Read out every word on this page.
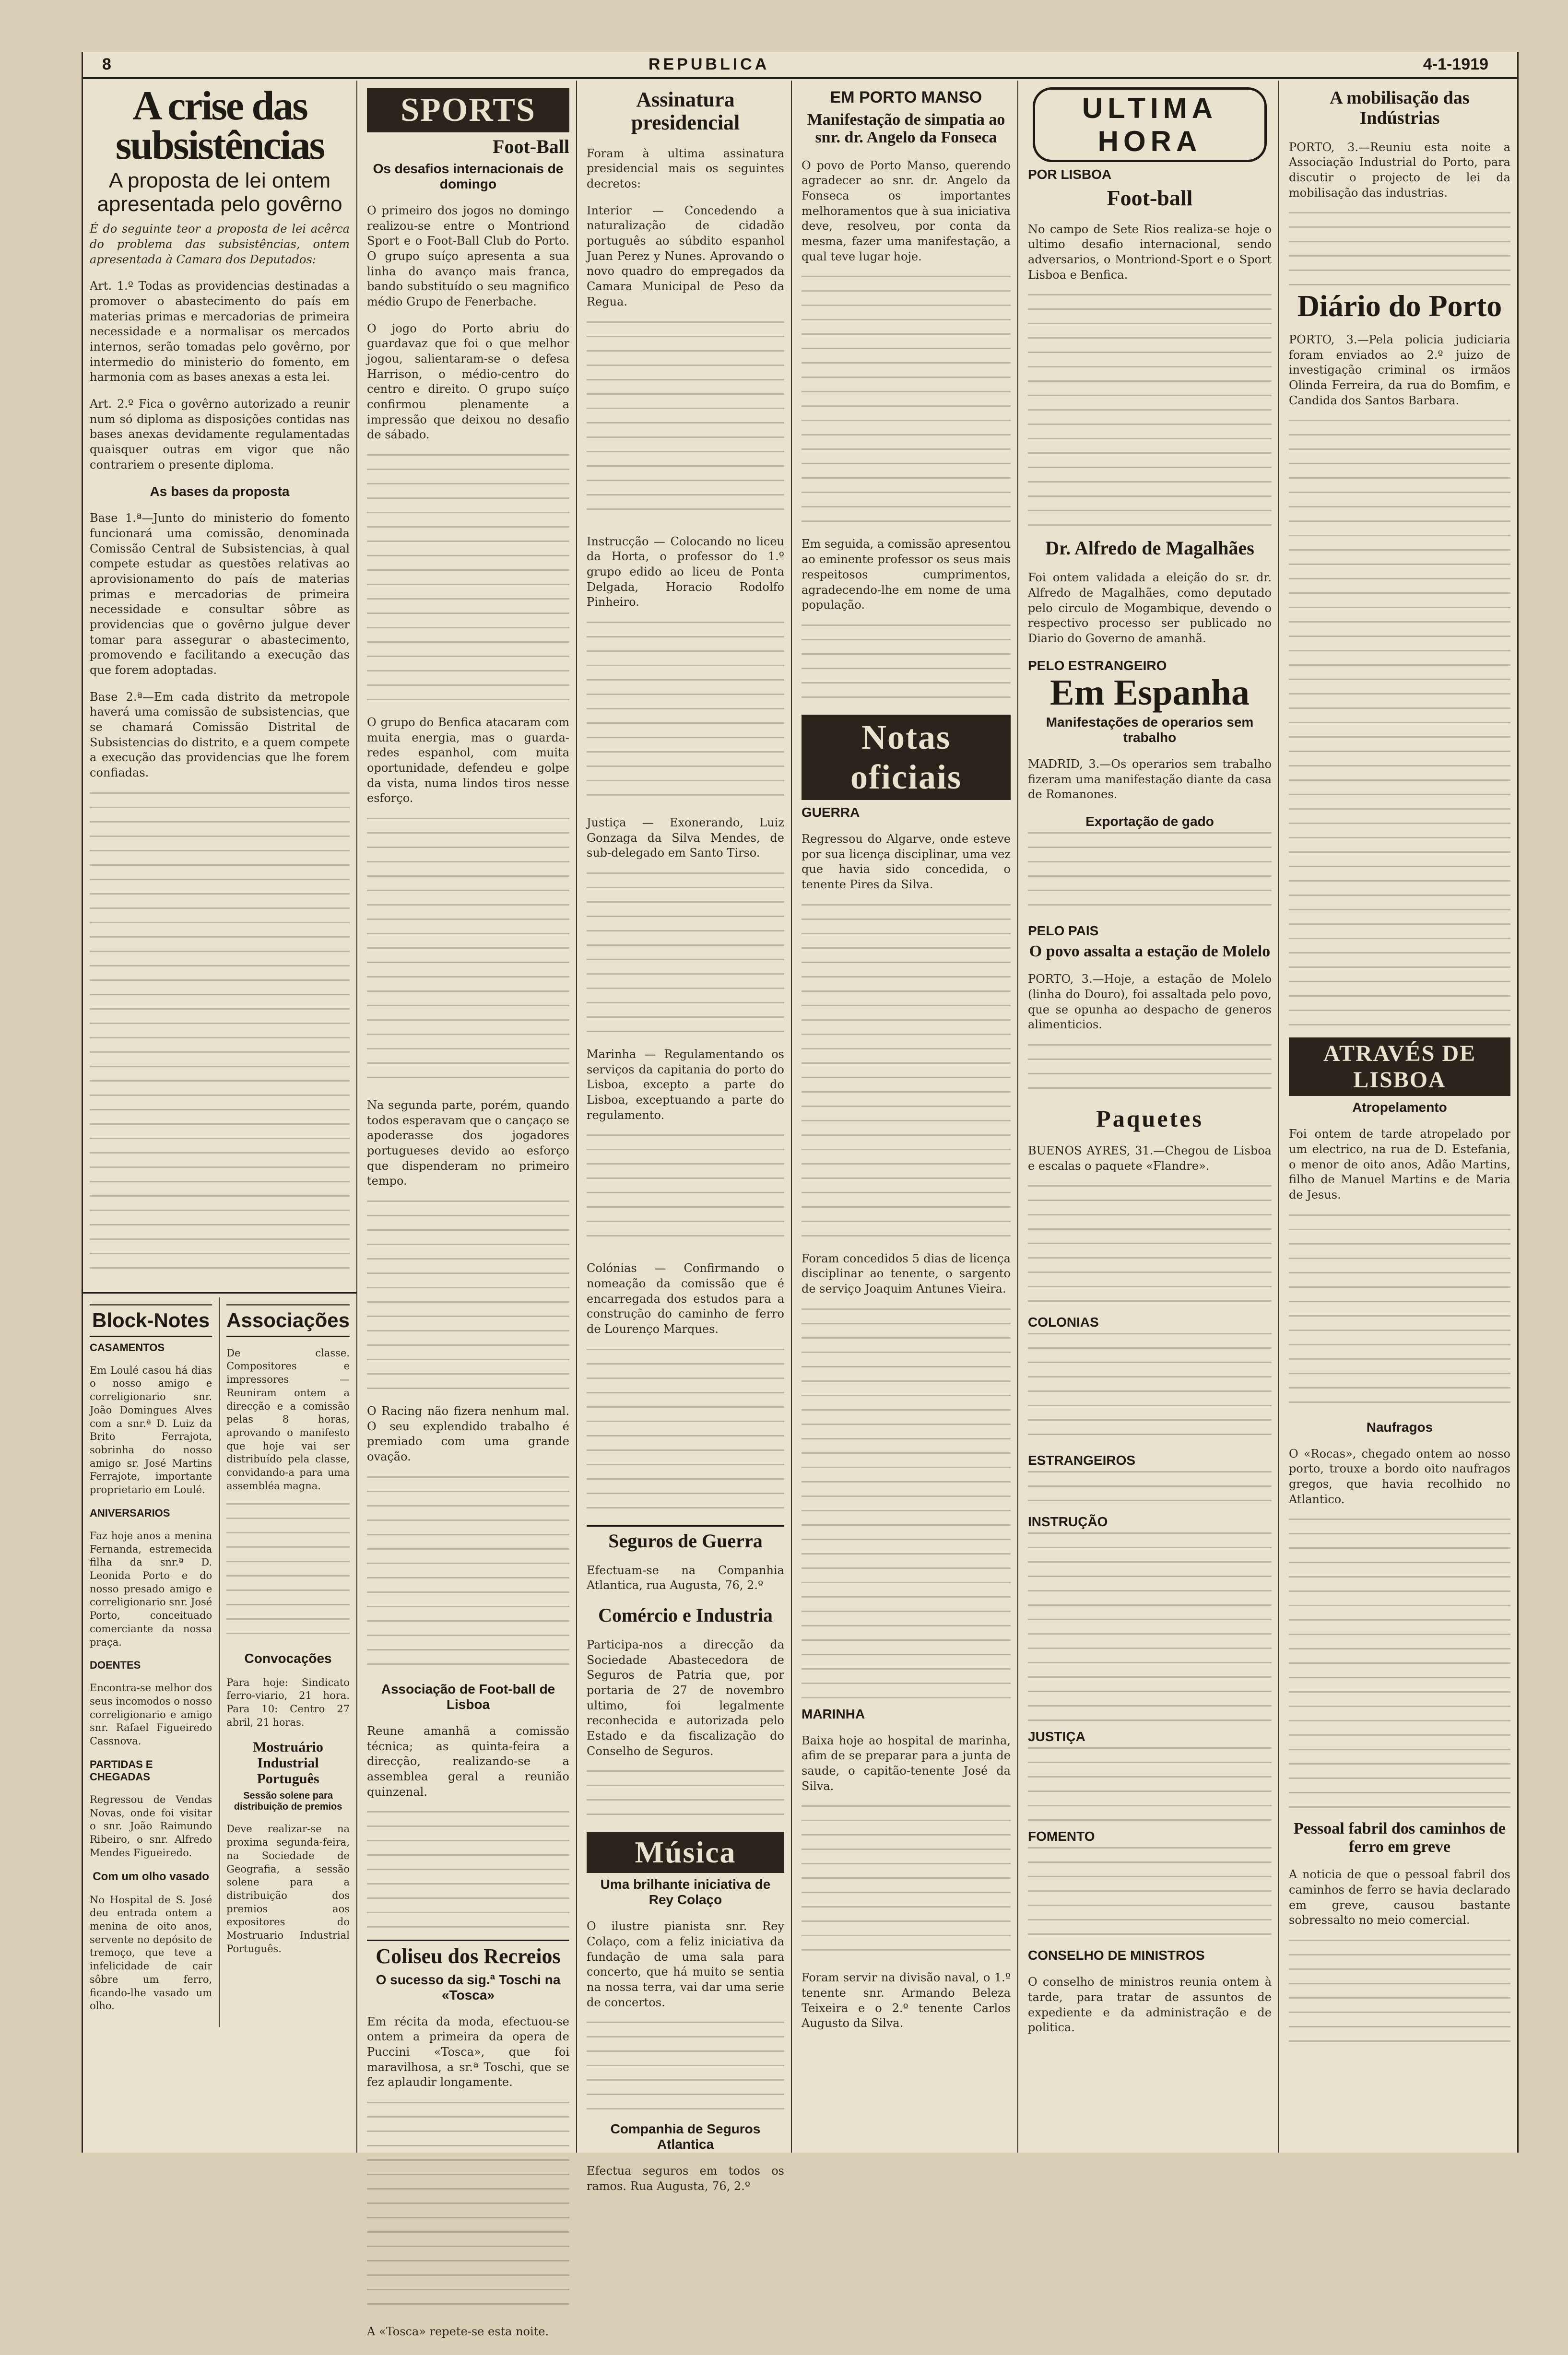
8	REPUBLICA	4-1-1919
A crise das subsistências
A proposta de lei ontem apresentada pelo govêrno
É do seguinte teor a proposta de lei acêrca do problema das subsistências, ontem apresentada à Camara dos Deputados:

Art. 1.º Todas as providencias destinadas a promover o abastecimento do país em materias primas e mercadorias de primeira necessidade e a normalisar os mercados internos, serão tomadas pelo govêrno, por intermedio do ministerio do fomento, em harmonia com as bases anexas a esta lei.

Art. 2.º Fica o govêrno autorizado a reunir num só diploma as disposições contidas nas bases anexas devidamente regulamentadas quaisquer outras em vigor que não contrariem o presente diploma.

As bases da proposta

Base 1.ª—Junto do ministerio do fomento funcionará uma comissão, denominada Comissão Central de Subsistencias, à qual compete estudar as questões relativas ao aprovisionamento do país de materias primas e mercadorias de primeira necessidade e consultar sôbre as providencias que o govêrno julgue dever tomar para assegurar o abastecimento, promovendo e facilitando a execução das que forem adoptadas.

Base 2.ª—Em cada distrito da metropole haverá uma comissão de subsistencias, que se chamará Comissão Distrital de Subsistencias do distrito, e a quem compete a execução das providencias que lhe forem confiadas.

Block-Notes
CASAMENTOS

Em Loulé casou há dias o nosso amigo e correligionario snr. João Domingues Alves com a snr.ª D. Luiz da Brito Ferrajota, sobrinha do nosso amigo sr. José Martins Ferrajote, importante proprietario em Loulé.

ANIVERSARIOS

Faz hoje anos a menina Fernanda, estremecida filha da snr.ª D. Leonida Porto e do nosso presado amigo e correligionario snr. José Porto, conceituado comerciante da nossa praça.

DOENTES

Encontra-se melhor dos seus incomodos o nosso correligionario e amigo snr. Rafael Figueiredo Cassnova.

PARTIDAS E CHEGADAS

Regressou de Vendas Novas, onde foi visitar o snr. João Raimundo Ribeiro, o snr. Alfredo Mendes Figueiredo.

Com um olho vasado

No Hospital de S. José deu entrada ontem a menina de oito anos, servente no depósito de tremoço, que teve a infelicidade de cair sôbre um ferro, ficando-lhe vasado um olho.

Associações

De classe. Compositores e impressores — Reuniram ontem a direcção e a comissão pelas 8 horas, aprovando o manifesto que hoje vai ser distribuído pela classe, convidando-a para uma assembléa magna.

Convocações

Para hoje: Sindicato ferro-viario, 21 hora. Para 10: Centro 27 abril, 21 horas.

Mostruário Industrial Português
Sessão solene para distribuição de premios

Deve realizar-se na proxima segunda-feira, na Sociedade de Geografia, a sessão solene para a distribuição dos premios aos expositores do Mostruario Industrial Português.

SPORTS
Foot-Ball
Os desafios internacionais de domingo

O primeiro dos jogos no domingo realizou-se entre o Montriond Sport e o Foot-Ball Club do Porto. O grupo suíço apresenta a sua linha do avanço mais franca, bando substituído o seu magnifico médio Grupo de Fenerbache.

O jogo do Porto abriu do guardavaz que foi o que melhor jogou, salientaram-se o defesa Harrison, o médio-centro do centro e direito. O grupo suíço confirmou plenamente a impressão que deixou no desafio de sábado.

O grupo do Benfica atacaram com muita energia, mas o guarda-redes espanhol, com muita oportunidade, defendeu e golpe da vista, numa lindos tiros nesse esforço.

Na segunda parte, porém, quando todos esperavam que o cançaço se apoderasse dos jogadores portugueses devido ao esforço que dispenderam no primeiro tempo.

O Racing não fizera nenhum mal. O seu explendido trabalho é premiado com uma grande ovação.

Associação de Foot-ball de Lisboa

Reune amanhã a comissão técnica; as quinta-feira a direcção, realizando-se a assemblea geral a reunião quinzenal.

Coliseu dos Recreios
O sucesso da sig.ª Toschi na «Tosca»

Em récita da moda, efectuou-se ontem a primeira da opera de Puccini «Tosca», que foi maravilhosa, a sr.ª Toschi, que se fez aplaudir longamente.

A «Tosca» repete-se esta noite.

Assinatura presidencial

Foram à ultima assinatura presidencial mais os seguintes decretos:

Interior — Concedendo a naturalização de cidadão português ao súbdito espanhol Juan Perez y Nunes. Aprovando o novo quadro do empregados da Camara Municipal de Peso da Regua.

Instrucção — Colocando no liceu da Horta, o professor do 1.º grupo edido ao liceu de Ponta Delgada, Horacio Rodolfo Pinheiro.

Justiça — Exonerando, Luiz Gonzaga da Silva Mendes, de sub-delegado em Santo Tirso.

Marinha — Regulamentando os serviços da capitania do porto do Lisboa, excepto a parte do Lisboa, exceptuando a parte do regulamento.

Colónias — Confirmando o nomeação da comissão que é encarregada dos estudos para a construção do caminho de ferro de Lourenço Marques.

Seguros de Guerra

Efectuam-se na Companhia Atlantica, rua Augusta, 76, 2.º

Comércio e Industria

Participa-nos a direcção da Sociedade Abastecedora de Seguros de Patria que, por portaria de 27 de novembro ultimo, foi legalmente reconhecida e autorizada pelo Estado e da fiscalização do Conselho de Seguros.

Música
Uma brilhante iniciativa de Rey Colaço

O ilustre pianista snr. Rey Colaço, com a feliz iniciativa da fundação de uma sala para concerto, que há muito se sentia na nossa terra, vai dar uma serie de concertos.

Companhia de Seguros Atlantica

Efectua seguros em todos os ramos. Rua Augusta, 76, 2.º

EM PORTO MANSO
Manifestação de simpatia ao snr. dr. Angelo da Fonseca

O povo de Porto Manso, querendo agradecer ao snr. dr. Angelo da Fonseca os importantes melhoramentos que à sua iniciativa deve, resolveu, por conta da mesma, fazer uma manifestação, a qual teve lugar hoje.

Em seguida, a comissão apresentou ao eminente professor os seus mais respeitosos cumprimentos, agradecendo-lhe em nome de uma população.

Notas oficiais
GUERRA

Regressou do Algarve, onde esteve por sua licença disciplinar, uma vez que havia sido concedida, o tenente Pires da Silva.

Foram concedidos 5 dias de licença disciplinar ao tenente, o sargento de serviço Joaquim Antunes Vieira.

MARINHA

Baixa hoje ao hospital de marinha, afim de se preparar para a junta de saude, o capitão-tenente José da Silva.

Foram servir na divisão naval, o 1.º tenente snr. Armando Beleza Teixeira e o 2.º tenente Carlos Augusto da Silva.

ULTIMA HORA
POR LISBOA
Foot-ball

No campo de Sete Rios realiza-se hoje o ultimo desafio internacional, sendo adversarios, o Montriond-Sport e o Sport Lisboa e Benfica.

Dr. Alfredo de Magalhães

Foi ontem validada a eleição do sr. dr. Alfredo de Magalhães, como deputado pelo circulo de Mogambique, devendo o respectivo processo ser publicado no Diario do Governo de amanhã.

PELO ESTRANGEIRO
Em Espanha
Manifestações de operarios sem trabalho

MADRID, 3.—Os operarios sem trabalho fizeram uma manifestação diante da casa de Romanones.

Exportação de gado
PELO PAIS
O povo assalta a estação de Molelo

PORTO, 3.—Hoje, a estação de Molelo (linha do Douro), foi assaltada pelo povo, que se opunha ao despacho de generos alimenticios.

Paquetes

BUENOS AYRES, 31.—Chegou de Lisboa e escalas o paquete «Flandre».

COLONIAS
ESTRANGEIROS
INSTRUÇÃO
JUSTIÇA
FOMENTO
CONSELHO DE MINISTROS

O conselho de ministros reunia ontem à tarde, para tratar de assuntos de expediente e da administração e de politica.

A mobilisação das Indústrias

PORTO, 3.—Reuniu esta noite a Associação Industrial do Porto, para discutir o projecto de lei da mobilisação das industrias.

Diário do Porto

PORTO, 3.—Pela policia judiciaria foram enviados ao 2.º juizo de investigação criminal os irmãos Olinda Ferreira, da rua do Bomfim, e Candida dos Santos Barbara.

ATRAVÉS DE LISBOA
Atropelamento

Foi ontem de tarde atropelado por um electrico, na rua de D. Estefania, o menor de oito anos, Adão Martins, filho de Manuel Martins e de Maria de Jesus.

Naufragos

O «Rocas», chegado ontem ao nosso porto, trouxe a bordo oito naufragos gregos, que havia recolhido no Atlantico.

Pessoal fabril dos caminhos de ferro em greve

A noticia de que o pessoal fabril dos caminhos de ferro se havia declarado em greve, causou bastante sobressalto no meio comercial.
